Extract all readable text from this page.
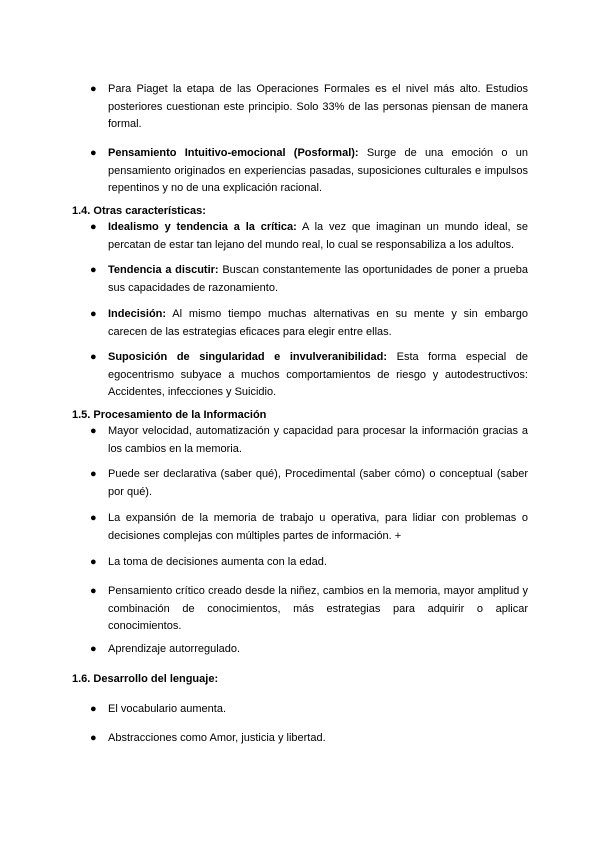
● Para Piaget la etapa de las Operaciones Formales es el nivel más alto. Estudios posteriores cuestionan este principio. Solo 33% de las personas piensan de manera formal.
● Pensamiento Intuitivo-emocional (Posformal): Surge de una emoción o un pensamiento originados en experiencias pasadas, suposiciones culturales e impulsos repentinos y no de una explicación racional.
1.4. Otras características:
● Idealismo y tendencia a la crítica: A la vez que imaginan un mundo ideal, se percatan de estar tan lejano del mundo real, lo cual se responsabiliza a los adultos.
● Tendencia a discutir: Buscan constantemente las oportunidades de poner a prueba sus capacidades de razonamiento.
● Indecisión: Al mismo tiempo muchas alternativas en su mente y sin embargo carecen de las estrategias eficaces para elegir entre ellas.
● Suposición de singularidad e invulveranibilidad: Esta forma especial de egocentrismo subyace a muchos comportamientos de riesgo y autodestructivos: Accidentes, infecciones y Suicidio.
1.5. Procesamiento de la Información
● Mayor velocidad, automatización y capacidad para procesar la información gracias a los cambios en la memoria.
● Puede ser declarativa (saber qué), Procedimental (saber cómo) o conceptual (saber por qué).
● La expansión de la memoria de trabajo u operativa, para lidiar con problemas o decisiones complejas con múltiples partes de información. +
● La toma de decisiones aumenta con la edad.
● Pensamiento crítico creado desde la niñez, cambios en la memoria, mayor amplitud y combinación de conocimientos, más estrategias para adquirir o aplicar conocimientos.
● Aprendizaje autorregulado.
1.6. Desarrollo del lenguaje:
● El vocabulario aumenta.
● Abstracciones como Amor, justicia y libertad.
